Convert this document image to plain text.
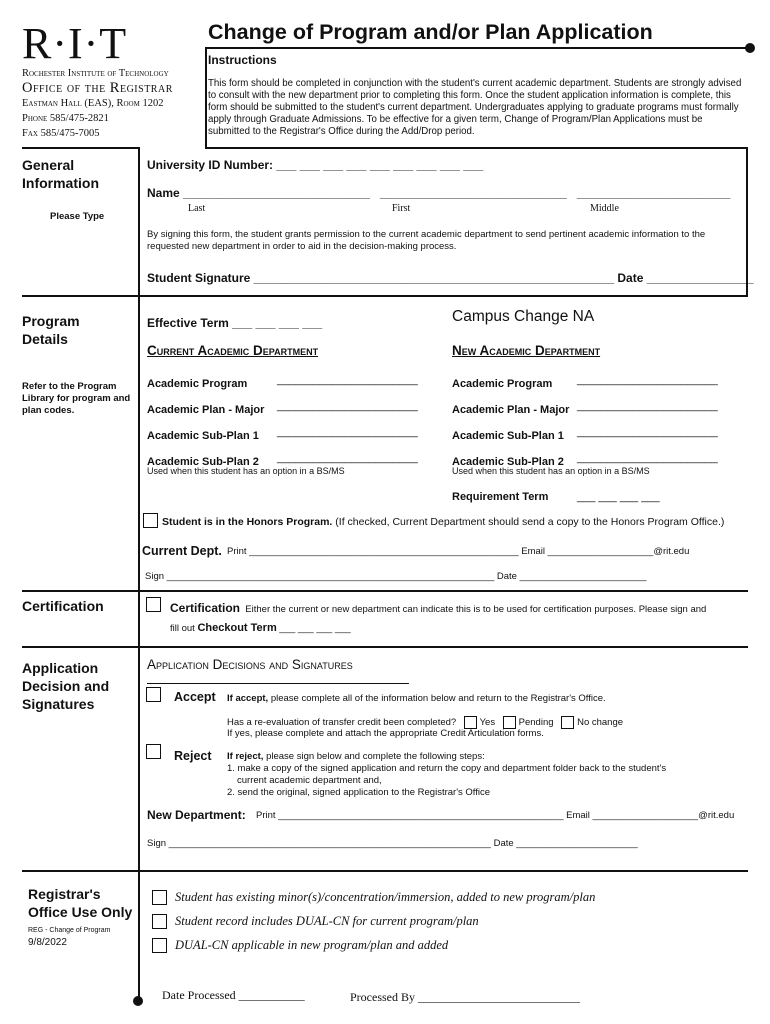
R·I·T
Rochester Institute of Technology
Office of the Registrar
Eastman Hall (EAS), Room 1202
Phone 585/475-2821
Fax 585/475-7005
Change of Program and/or Plan Application
Instructions
This form should be completed in conjunction with the student's current academic department. Students are strongly advised to consult with the new department prior to completing this form. Once the student application information is complete, this form should be submitted to the student's current department. Undergraduates applying to graduate programs must formally apply through Graduate Admissions. To be effective for a given term, Change of Program/Plan Applications must be submitted to the Registrar's Office during the Add/Drop period.
General Information
Please Type
University ID Number: ___ ___ ___ ___ ___ ___ ___ ___ ___
Name ____________________________   ____________________________   _______________________
Last	First	Middle
By signing this form, the student grants permission to the current academic department to send pertinent academic information to the requested new department in order to aid in the decision-making process.
Student Signature ______________________________________________________ Date ________________
Program Details
Refer to the Program Library for program and plan codes.
Effective Term ___ ___ ___ ___	Campus Change NA
Current Academic Department	New Academic Department
Academic Program	_______________________
Academic Plan - Major _______________________
Academic Sub-Plan 1 _______________________
Academic Sub-Plan 2 _______________________
Used when this student has an option in a BS/MS
Academic Program _______________________
Academic Plan - Major _______________________
Academic Sub-Plan 1 _______________________
Academic Sub-Plan 2 _______________________
Used when this student has an option in a BS/MS
Requirement Term	___ ___ ___ ___
Student is in the Honors Program. (If checked, Current Department should send a copy to the Honors Program Office.)
Current Dept. Print ___________________________________________________ Email ____________________@rit.edu
Sign ______________________________________________________________ Date ________________________
Certification	Certification Either the current or new department can indicate this is to be used for certification purposes. Please sign and
fill out Checkout Term ___ ___ ___ ___
Application Decision and Signatures
Application Decisions and Signatures
Accept If accept, please complete all of the information below and return to the Registrar's Office.
Has a re-evaluation of transfer credit been completed? Yes Pending No change
If yes, please complete and attach the appropriate Credit Articulation forms.
Reject If reject, please sign below and complete the following steps:
1. make a copy of the signed application and return the copy and department folder back to the student's
current academic department and,
2. send the original, signed application to the Registrar's Office
New Department: Print ______________________________________________________ Email ____________________@rit.edu
Sign _____________________________________________________________ Date _______________________
Registrar's Office Use Only
REG - Change of Program
9/8/2022
Student has existing minor(s)/concentration/immersion, added to new program/plan
Student record includes DUAL-CN for current program/plan
DUAL-CN applicable in new program/plan and added
Date Processed ___________	Processed By ___________________________
